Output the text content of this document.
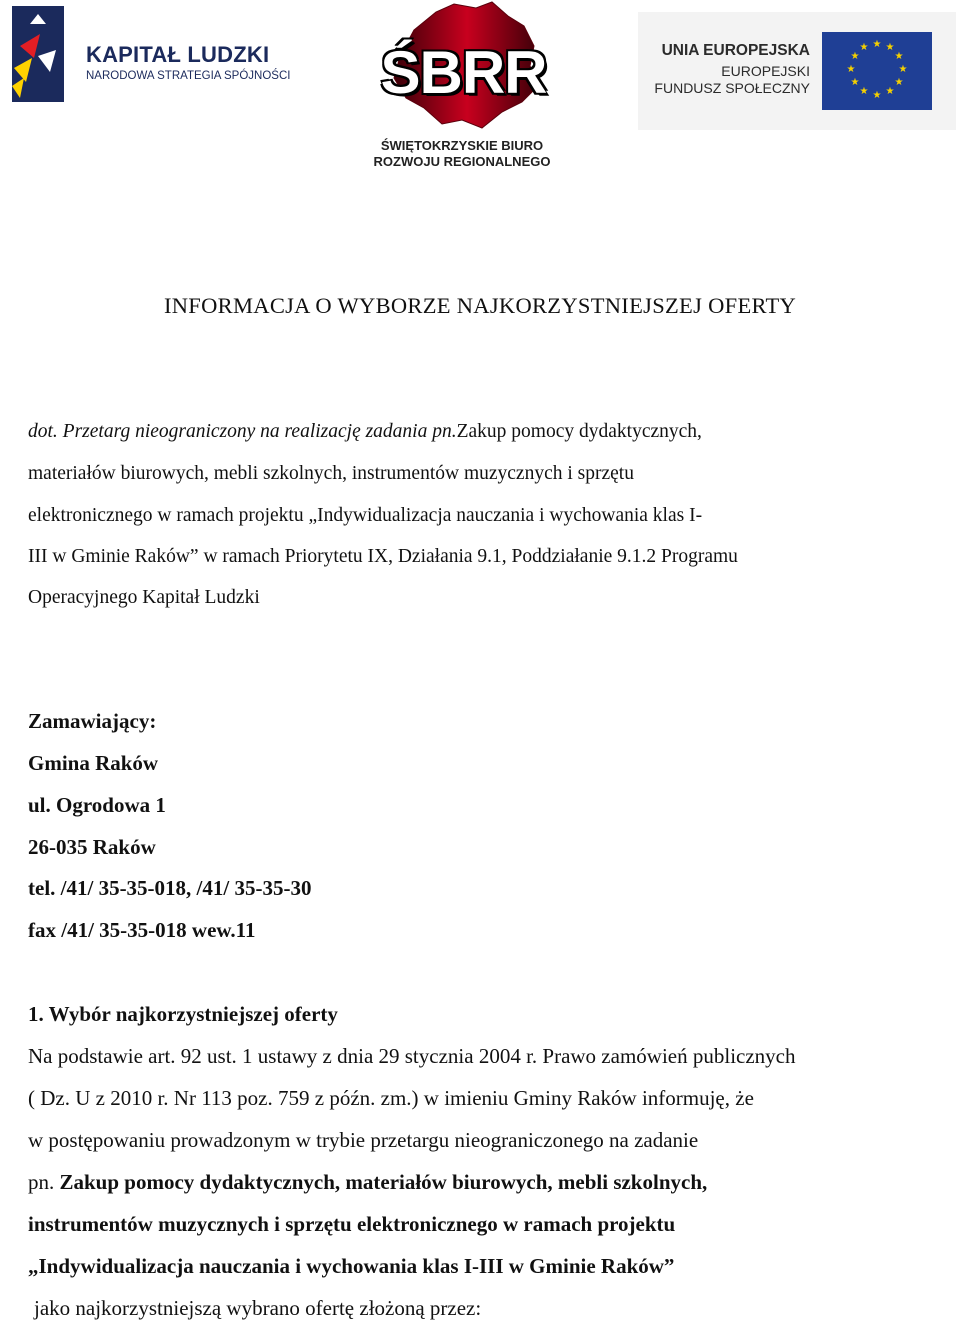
KAPITAŁ LUDZKI
NARODOWA STRATEGIA SPÓJNOŚCI ŚBRR
ŚWIĘTOKRZYSKIE BIURO
ROZWOJU REGIONALNEGO
UNIA EUROPEJSKA
EUROPEJSKI
FUNDUSZ SPOŁECZNY
★ ★
★
★
★
★
★
★
★
★
★
★
INFORMACJA O WYBORZE NAJKORZYSTNIEJSZEJ OFERTY
dot. Przetarg nieograniczony na realizację zadania pn.Zakup pomocy dydaktycznych,
materiałów biurowych, mebli szkolnych, instrumentów muzycznych i sprzętu
elektronicznego w ramach projektu „Indywidualizacja nauczania i wychowania klas I-
III w Gminie Raków” w ramach Priorytetu IX, Działania 9.1, Poddziałanie 9.1.2 Programu
Operacyjnego Kapitał Ludzki
Zamawiający:
Gmina Raków
ul. Ogrodowa 1
26-035 Raków
tel. /41/ 35-35-018, /41/ 35-35-30
fax /41/ 35-35-018 wew.11
1. Wybór najkorzystniejszej oferty
Na podstawie art. 92 ust. 1 ustawy z dnia 29 stycznia 2004 r. Prawo zamówień publicznych
( Dz. U z 2010 r. Nr 113 poz. 759 z późn. zm.) w imieniu Gminy Raków informuję, że
w postępowaniu prowadzonym w trybie przetargu nieograniczonego na zadanie
pn. Zakup pomocy dydaktycznych, materiałów biurowych, mebli szkolnych,
instrumentów muzycznych i sprzętu elektronicznego w ramach projektu
„Indywidualizacja nauczania i wychowania klas I-III w Gminie Raków”
jako najkorzystniejszą wybrano ofertę złożoną przez:
